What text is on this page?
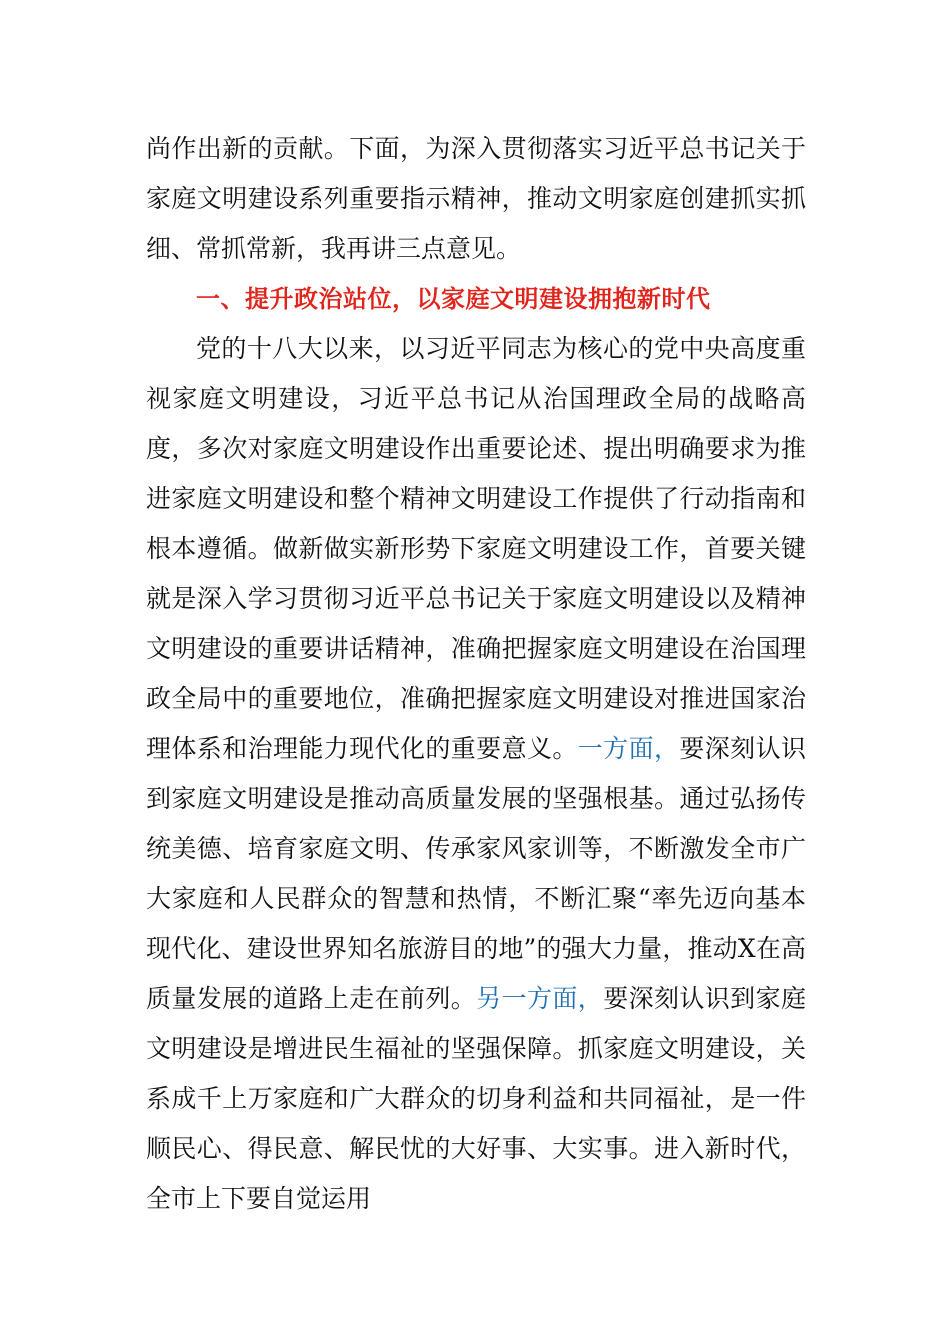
尚作出新的贡献。下面，为深入贯彻落实习近平总书记关于家庭文明建设系列重要指示精神，推动文明家庭创建抓实抓细、常抓常新，我再讲三点意见。

一、提升政治站位，以家庭文明建设拥抱新时代

党的十八大以来，以习近平同志为核心的党中央高度重视家庭文明建设，习近平总书记从治国理政全局的战略高度，多次对家庭文明建设作出重要论述、提出明确要求为推进家庭文明建设和整个精神文明建设工作提供了行动指南和根本遵循。做新做实新形势下家庭文明建设工作，首要关键就是深入学习贯彻习近平总书记关于家庭文明建设以及精神文明建设的重要讲话精神，准确把握家庭文明建设在治国理政全局中的重要地位，准确把握家庭文明建设对推进国家治理体系和治理能力现代化的重要意义。一方面，要深刻认识到家庭文明建设是推动高质量发展的坚强根基。通过弘扬传统美德、培育家庭文明、传承家风家训等，不断激发全市广大家庭和人民群众的智慧和热情，不断汇聚“率先迈向基本现代化、建设世界知名旅游目的地”的强大力量，推动X在高质量发展的道路上走在前列。另一方面，要深刻认识到家庭文明建设是增进民生福祉的坚强保障。抓家庭文明建设，关系成千上万家庭和广大群众的切身利益和共同福祉，是一件顺民心、得民意、解民忧的大好事、大实事。进入新时代，全市上下要自觉运用
